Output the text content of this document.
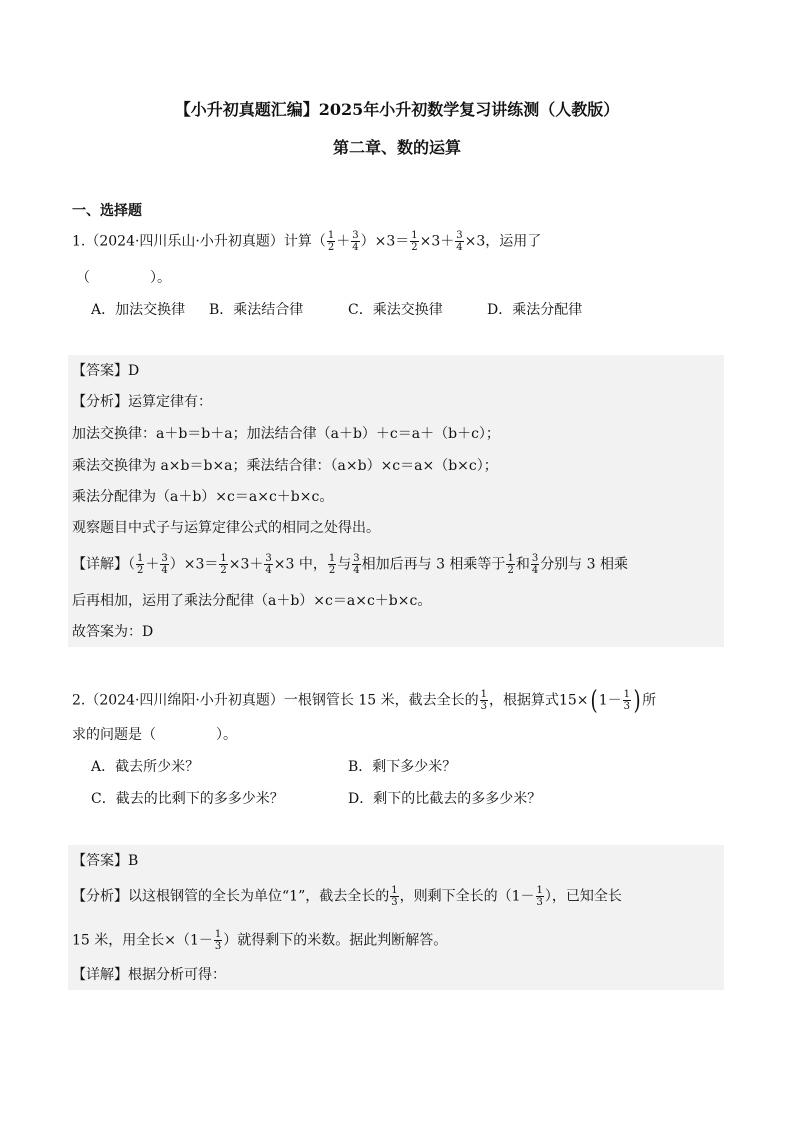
【小升初真题汇编】2025年小升初数学复习讲练测（人教版）
第二章、数的运算
一、选择题
1.（2024·四川乐山·小升初真题）计算（ $\frac{1}{2} + \frac{3}{4} )\times 3= \frac{1}{2} \times 3+ \frac{3}{4} \times 3$，运用了
（	）。
A．加法交换律 B．乘法结合律	C．乘法交换律	D．乘法分配律
【答案】D
【分析】运算定律有：
加法交换律：a＋b＝b＋a；加法结合律（a＋b）＋c＝a＋（b＋c）；
乘法交换律为 a×b＝b×a；乘法结合律：（a×b）×c＝a×（b×c）；
乘法分配律为（a＋b）×c＝a×c＋b×c。
观察题目中式子与运算定律公式的相同之处得出。
【详解】（ $\frac{1}{2} + \frac{3}{4} )\times 3= \frac{1}{2} \times 3+ \frac{3}{4} \times 3$ 中， $\frac{1}{2}$ 与 $\frac{3}{4}$ 相加后再与 3 相乘等于 $\frac{1}{2}$ 和 $\frac{3}{4}$ 分别与 3 相乘
后再相加，运用了乘法分配律（a＋b）×c＝a×c＋b×c。
故答案为：D
2.（2024·四川绵阳·小升初真题）一根钢管长 15 米，截去全长的 $\frac{1}{3}$ ，根据算式15×( $1- \frac{1}{3}$ ) 所
求的问题是（	）。
A．截去所少米？	B．剩下多少米？
C．截去的比剩下的多多少米？	D．剩下的比截去的多多少米？
【答案】B
【分析】以这根钢管的全长为单位“1”，截去全长的 $\frac{1}{3}$ ，则剩下全长的（$1- \frac{1}{3}$ ），已知全长
15 米，用全长$\times(1- \frac{1}{3}$ ）就得剩下的米数。据此判断解答。
【详解】根据分析可得：
